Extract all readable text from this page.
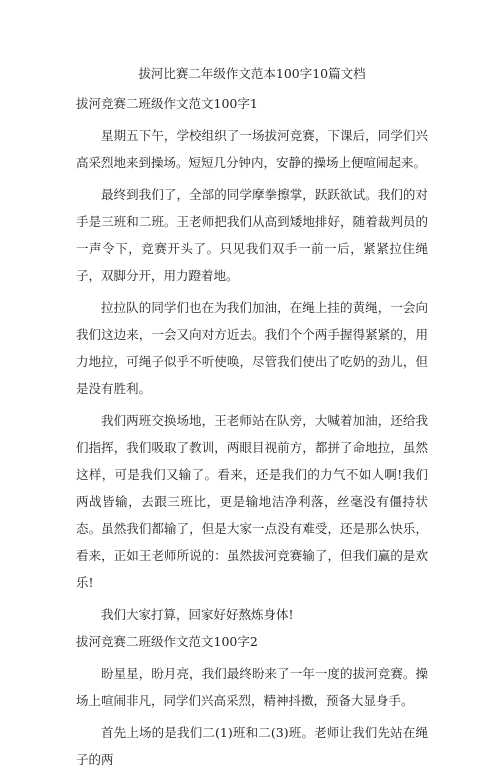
拔河比赛二年级作文范本100字10篇文档
拔河竞赛二班级作文范文100字1

星期五下午，学校组织了一场拔河竞赛，下课后，同学们兴高采烈地来到操场。短短几分钟内，安静的操场上便喧闹起来。

最终到我们了，全部的同学摩拳擦掌，跃跃欲试。我们的对手是三班和二班。王老师把我们从高到矮地排好，随着裁判员的一声令下，竞赛开头了。只见我们双手一前一后，紧紧拉住绳子，双脚分开，用力蹬着地。

拉拉队的同学们也在为我们加油，在绳上挂的黄绳，一会向我们这边来，一会又向对方近去。我们个个两手握得紧紧的，用力地拉，可绳子似乎不听使唤，尽管我们使出了吃奶的劲儿，但是没有胜利。

我们两班交换场地，王老师站在队旁，大喊着加油，还给我们指挥，我们吸取了教训，两眼目视前方，都拼了命地拉，虽然这样，可是我们又输了。看来，还是我们的力气不如人啊!我们两战皆输，去跟三班比，更是输地洁净利落，丝毫没有僵持状态。虽然我们都输了，但是大家一点没有难受，还是那么快乐，看来，正如王老师所说的：虽然拔河竞赛输了，但我们赢的是欢乐!

我们大家打算，回家好好熬炼身体!

拔河竞赛二班级作文范文100字2

盼星星，盼月亮，我们最终盼来了一年一度的拔河竞赛。操场上喧闹非凡，同学们兴高采烈，精神抖擞，预备大显身手。

首先上场的是我们二(1)班和二(3)班。老师让我们先站在绳子的两
